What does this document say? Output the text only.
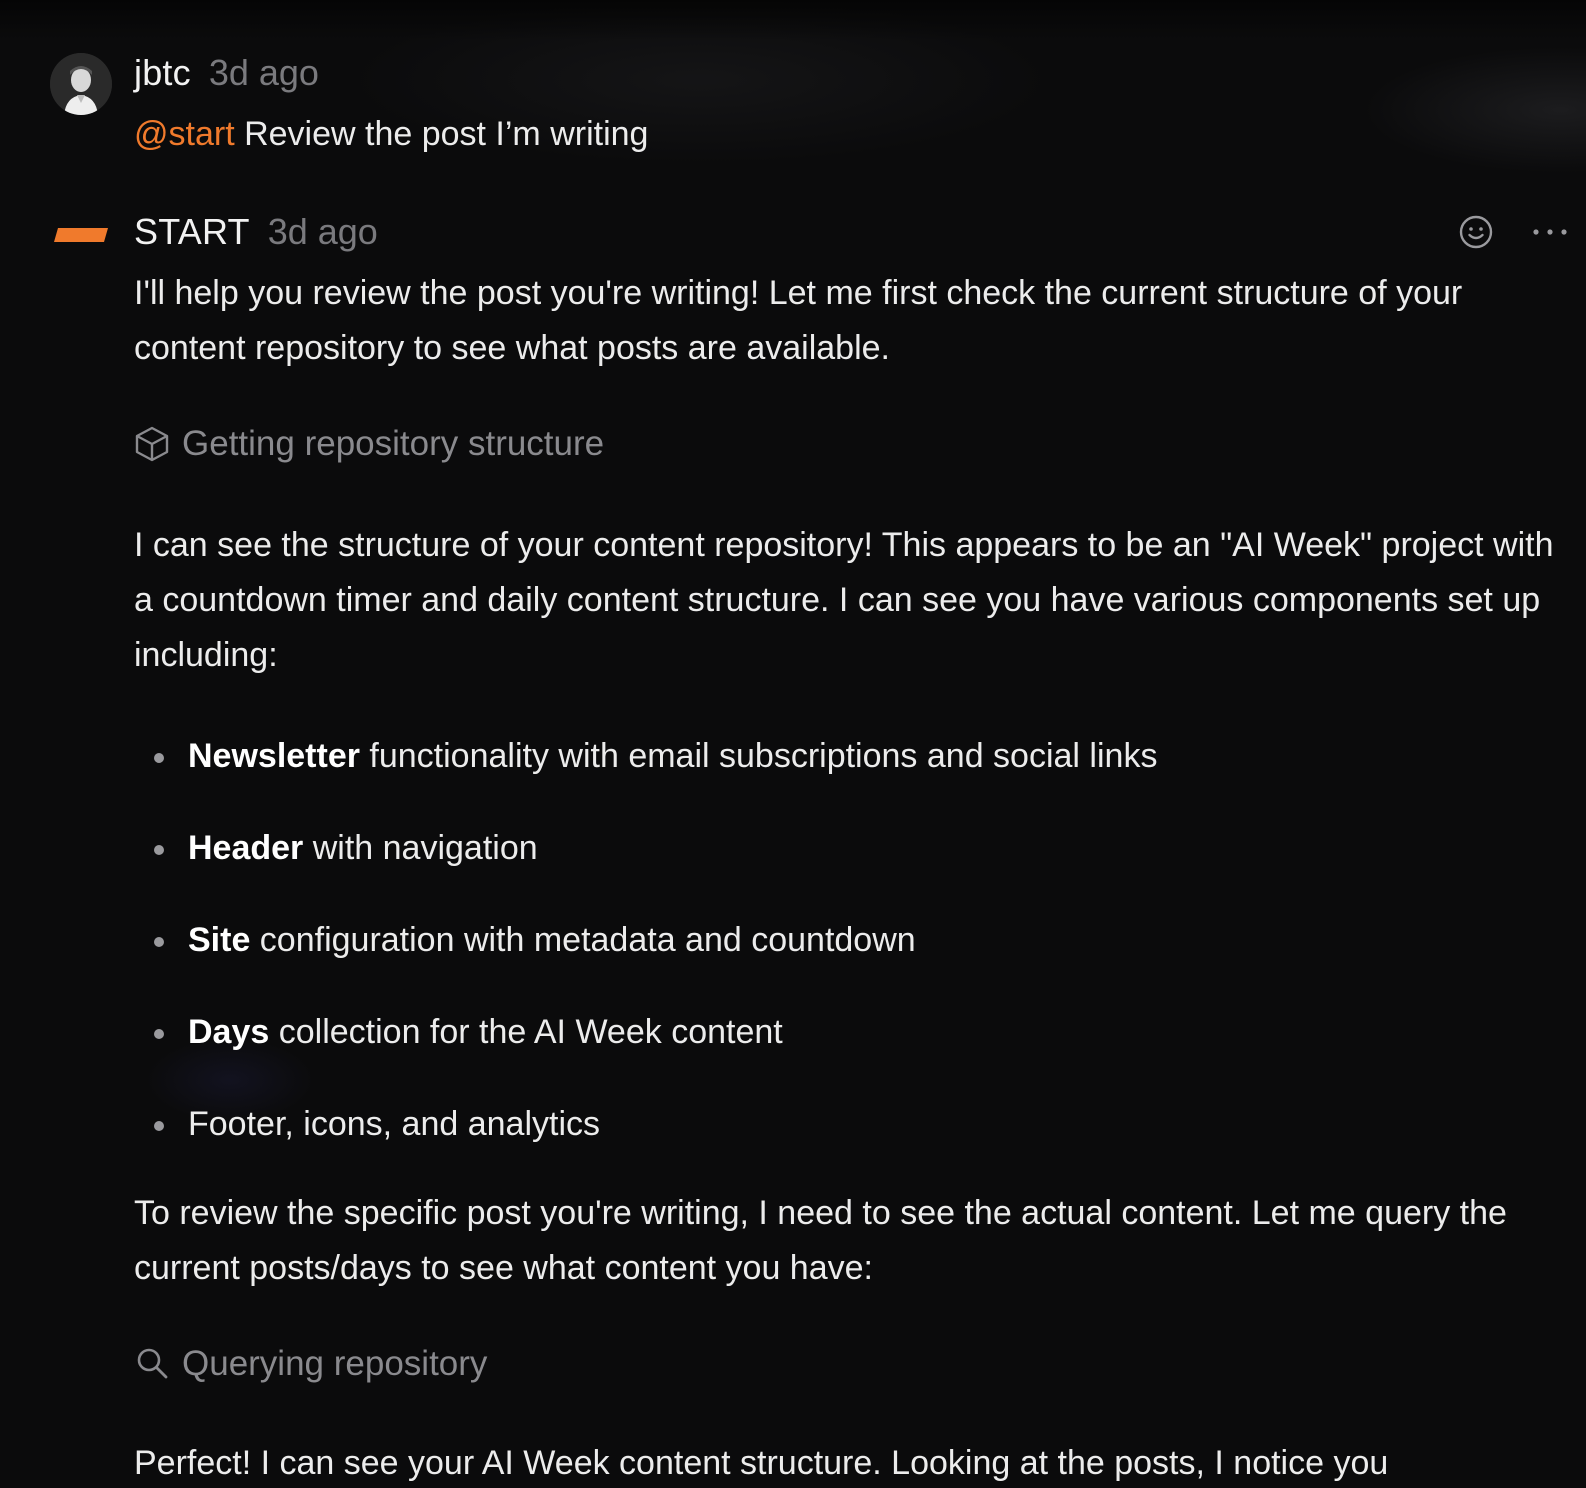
jbtc 3d ago
@start Review the post I’m writing
START 3d ago
I'll help you review the post you're writing! Let me first check the current structure of your content repository to see what posts are available.
Getting repository structure
I can see the structure of your content repository! This appears to be an "AI Week" project with a countdown timer and daily content structure. I can see you have various components set up including:
Newsletter functionality with email subscriptions and social links
Header with navigation
Site configuration with metadata and countdown
Days collection for the AI Week content
Footer, icons, and analytics
To review the specific post you're writing, I need to see the actual content. Let me query the current posts/days to see what content you have:
Querying repository
Perfect! I can see your AI Week content structure. Looking at the posts, I notice you
